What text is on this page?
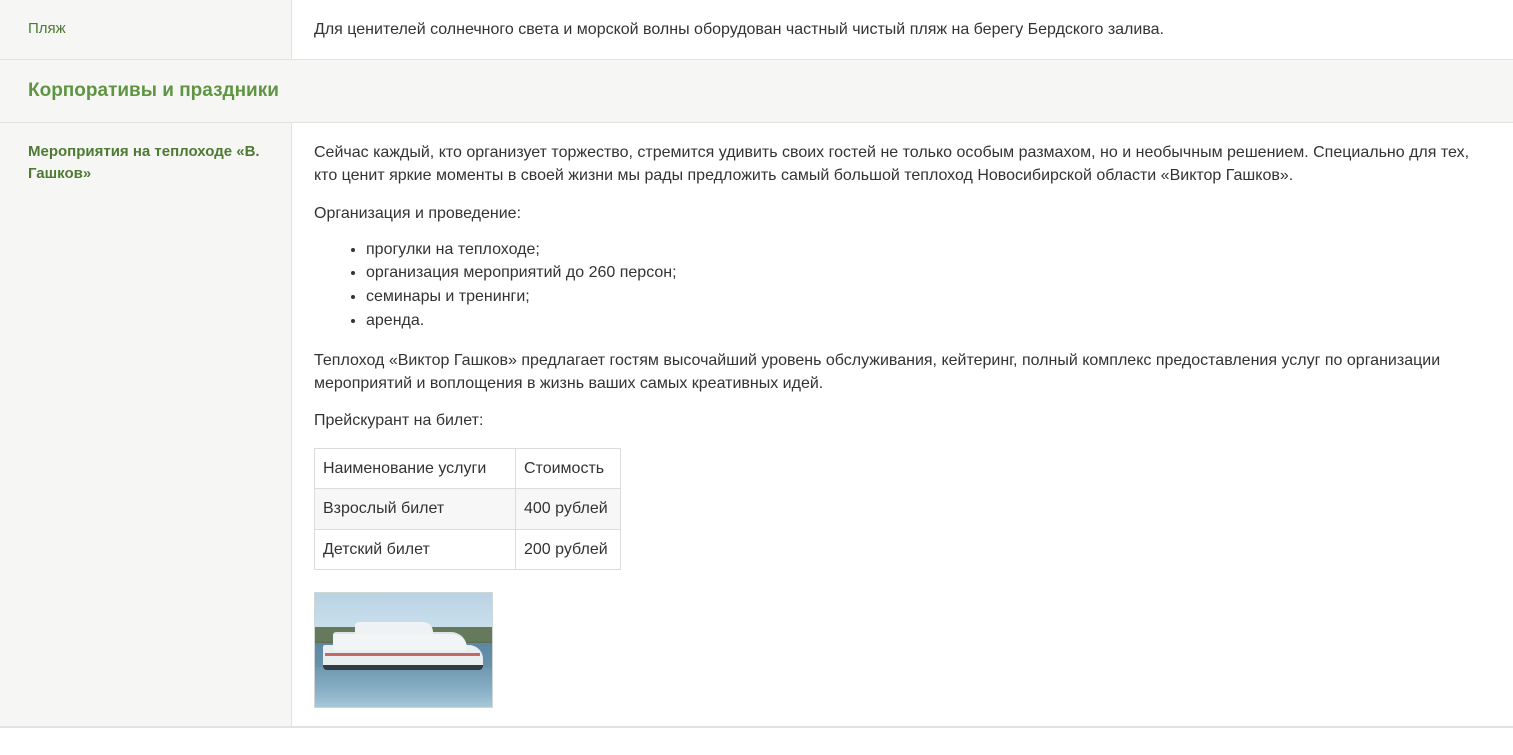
Пляж	Для ценителей солнечного света и морской волны оборудован частный чистый пляж на берегу Бердского залива.

Корпоративы и праздники
Мероприятия на теплоходе «В. Гашков»

Сейчас каждый, кто организует торжество, стремится удивить своих гостей не только особым размахом, но и необычным решением. Специально для тех, кто ценит яркие моменты в своей жизни мы рады предложить самый большой теплоход Новосибирской области «Виктор Гашков».

Организация и проведение:

• прогулки на теплоходе;
• организация мероприятий до 260 персон;
• семинары и тренинги;
• аренда.

Теплоход «Виктор Гашков» предлагает гостям высочайший уровень обслуживания, кейтеринг, полный комплекс предоставления услуг по организации мероприятий и воплощения в жизнь ваших самых креативных идей.

Прейскурант на билет:

Наименование услуги	Стоимость
Взрослый билет	400 рублей
Детский билет	200 рублей
